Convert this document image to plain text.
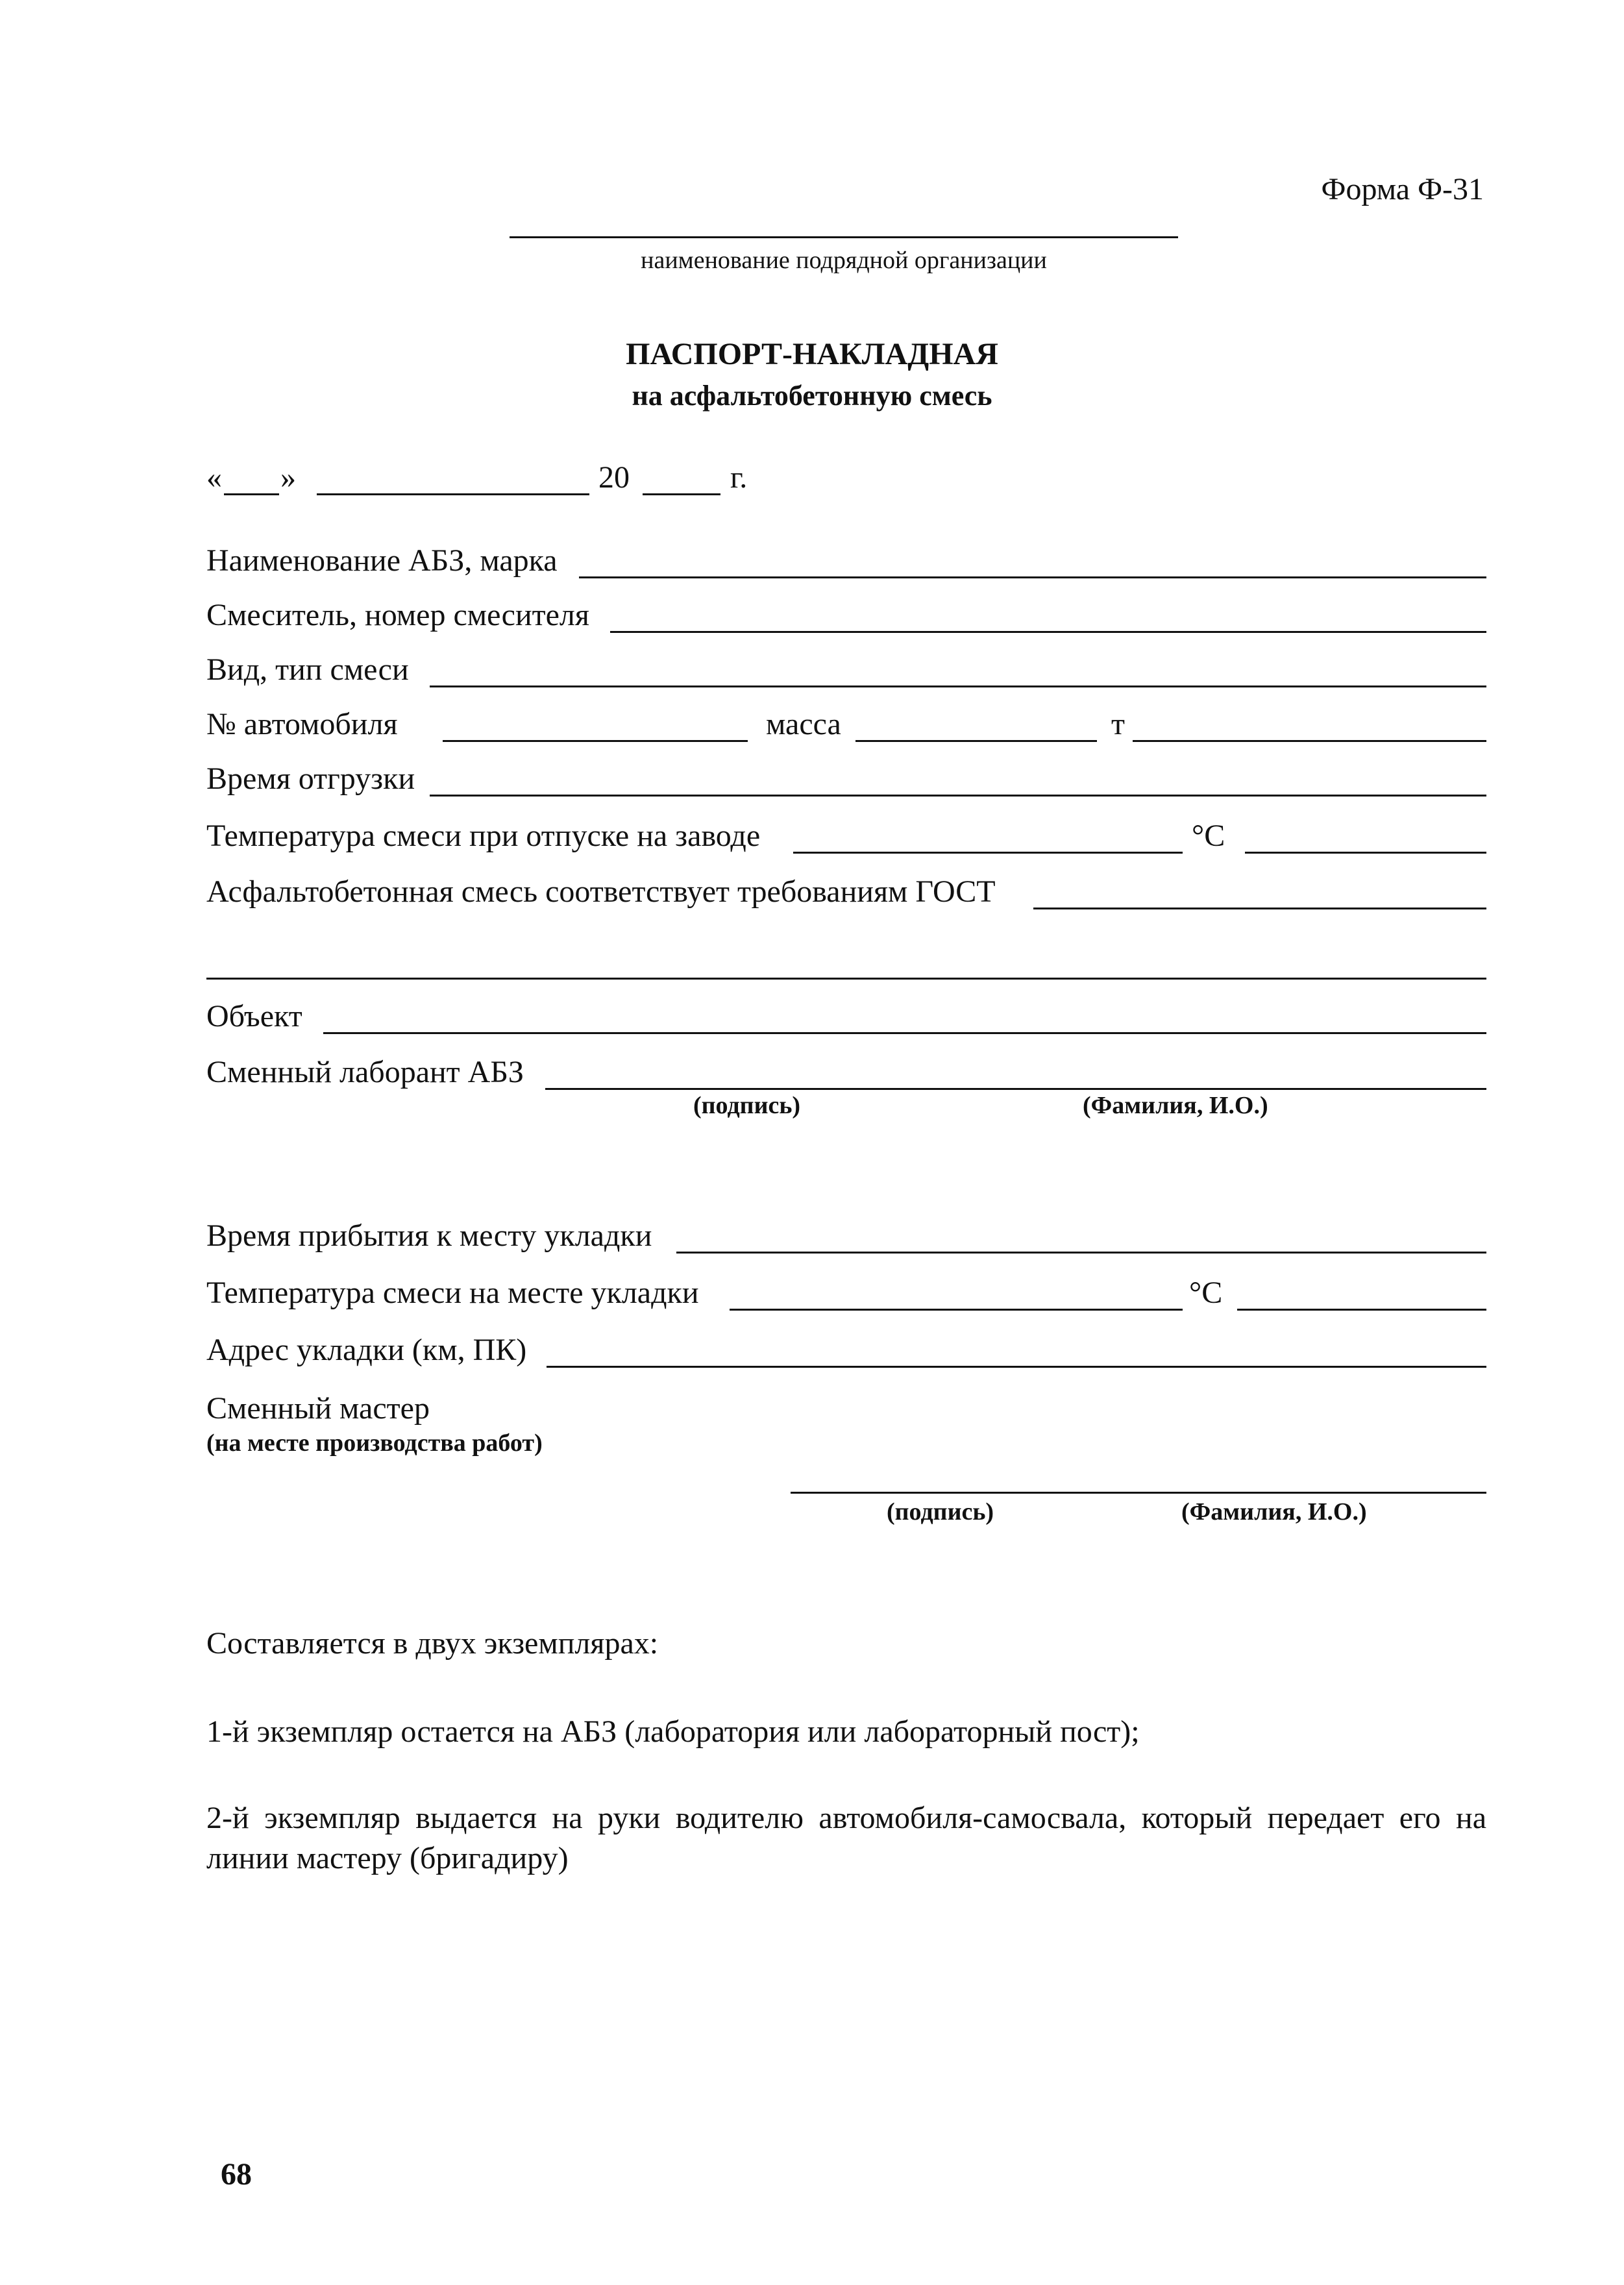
Форма Ф-31
наименование подрядной организации
ПАСПОРТ-НАКЛАДНАЯ
на асфальтобетонную смесь
« »	20	г.
Наименование АБЗ, марка
Смеситель, номер смесителя
Вид, тип смеси
№ автомобиля	масса	т
Время отгрузки
Температура смеси при отпуске на заводе	°C
Асфальтобетонная смесь соответствует требованиям ГОСТ
Объект
Сменный лаборант АБЗ
(подпись)	(Фамилия, И.О.)
Время прибытия к месту укладки
Температура смеси на месте укладки	°C
Адрес укладки (км, ПК)
Сменный мастер
(на месте производства работ)
(подпись)	(Фамилия, И.О.)
Составляется в двух экземплярах:
1-й экземпляр остается на АБЗ (лаборатория или лабораторный пост);
2-й экземпляр выдается на руки водителю автомобиля-самосвала, который передает его на линии мастеру (бригадиру)
68
